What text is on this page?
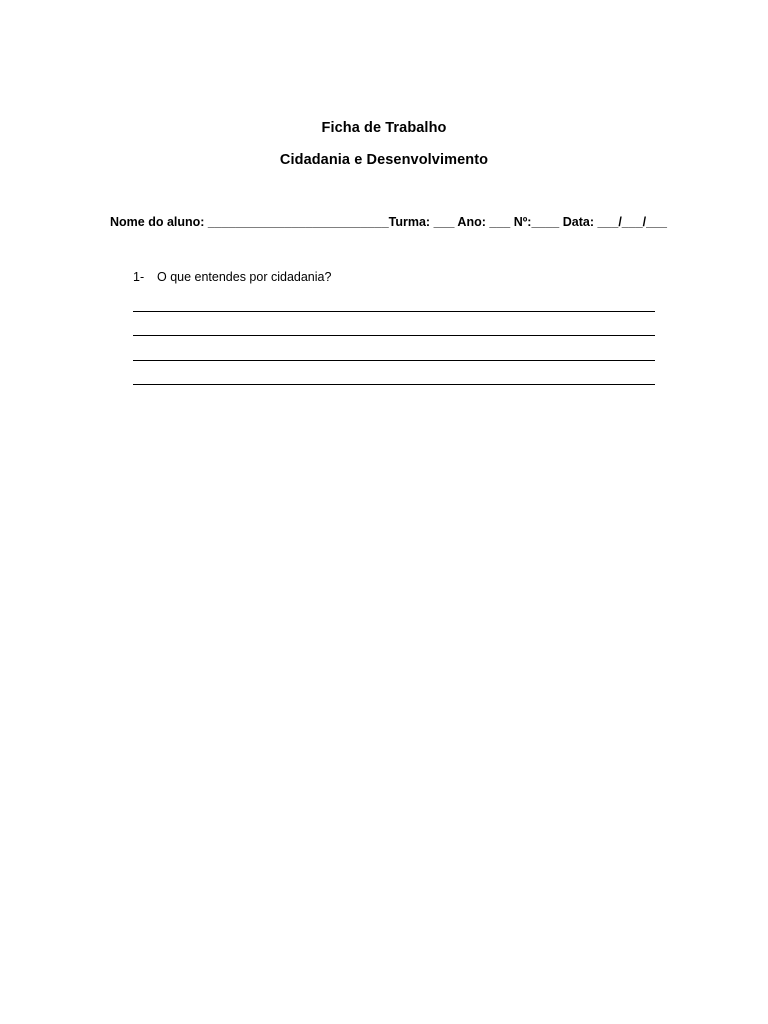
Ficha de Trabalho
Cidadania e Desenvolvimento
Nome do aluno: __________________________Turma: ___ Ano: ___ Nº:____ Data: ___/___/___
1- O que entendes por cidadania?
